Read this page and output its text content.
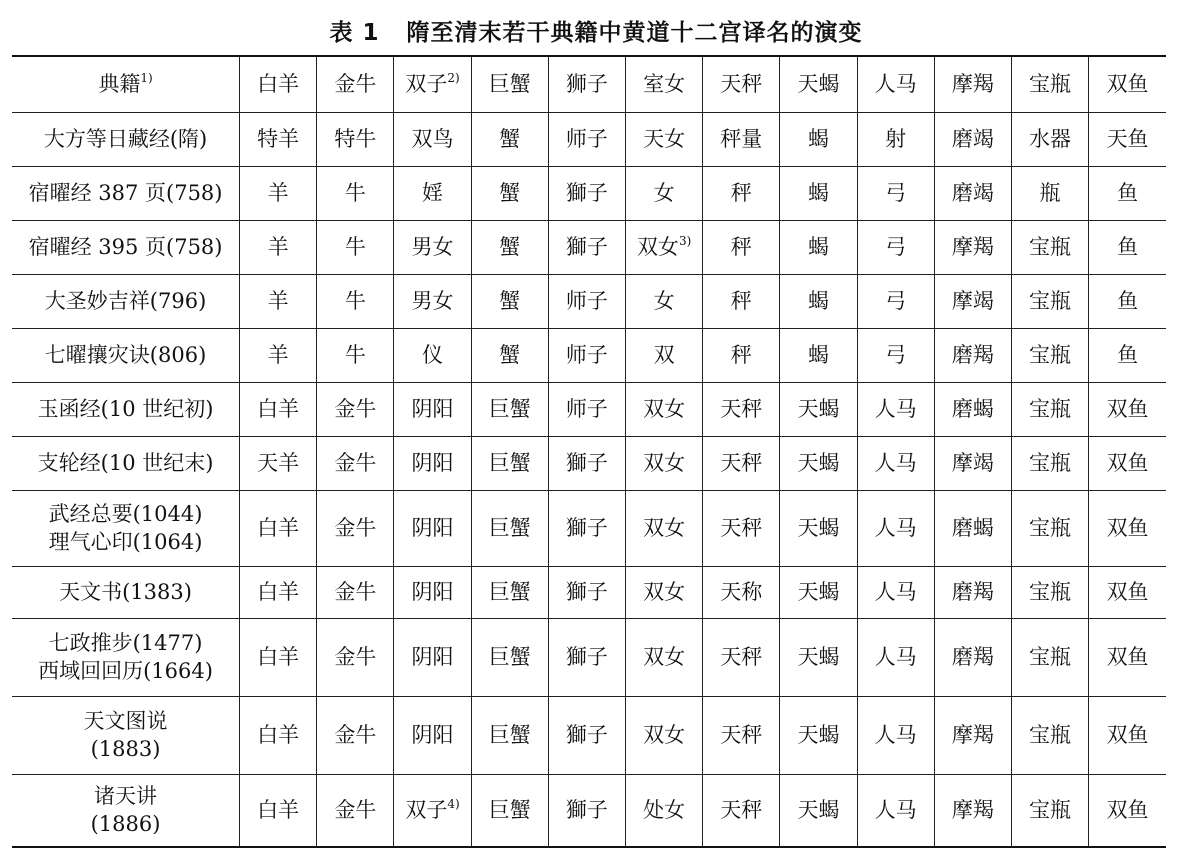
表 1   隋至清末若干典籍中黄道十二宫译名的演变
典籍$^{1)}$	白羊	金牛	双子$^{2)}$	巨蟹	狮子	室女	天秤	天蝎	人马	摩羯	宝瓶	双鱼

大方等日藏经(隋)	特羊	特牛	双鸟	蟹	师子	天女	秤量	蝎	射	磨竭	水器	天鱼

宿曜经 387 页(758)	羊	牛	婬	蟹	獅子	女	秤	蝎	弓	磨竭	瓶	鱼

宿曜经 395 页(758)	羊	牛	男女	蟹	獅子	双女$^{3)}$	秤	蝎	弓	摩羯	宝瓶	鱼

大圣妙吉祥(796)	羊	牛	男女	蟹	师子	女	秤	蝎	弓	摩竭	宝瓶	鱼

七曜攘灾诀(806)	羊	牛	仪	蟹	师子	双	秤	蝎	弓	磨羯	宝瓶	鱼

玉函经(10 世纪初)	白羊	金牛	阴阳	巨蟹	师子	双女	天秤	天蝎	人马	磨蝎	宝瓶	双鱼

支轮经(10 世纪末)	天羊	金牛	阴阳	巨蟹	獅子	双女	天秤	天蝎	人马	摩竭	宝瓶	双鱼

武经总要(1044)
理气心印(1064)	白羊	金牛	阴阳	巨蟹	獅子	双女	天秤	天蝎	人马	磨蝎	宝瓶	双鱼

天文书(1383)	白羊	金牛	阴阳	巨蟹	獅子	双女	天称	天蝎	人马	磨羯	宝瓶	双鱼

七政推步(1477)
西域回回历(1664)	白羊	金牛	阴阳	巨蟹	獅子	双女	天秤	天蝎	人马	磨羯	宝瓶	双鱼

天文图说
(1883)	白羊	金牛	阴阳	巨蟹	獅子	双女	天秤	天蝎	人马	摩羯	宝瓶	双鱼

诸天讲
(1886)	白羊	金牛	双子$^{4)}$	巨蟹	獅子	处女	天秤	天蝎	人马	摩羯	宝瓶	双鱼
